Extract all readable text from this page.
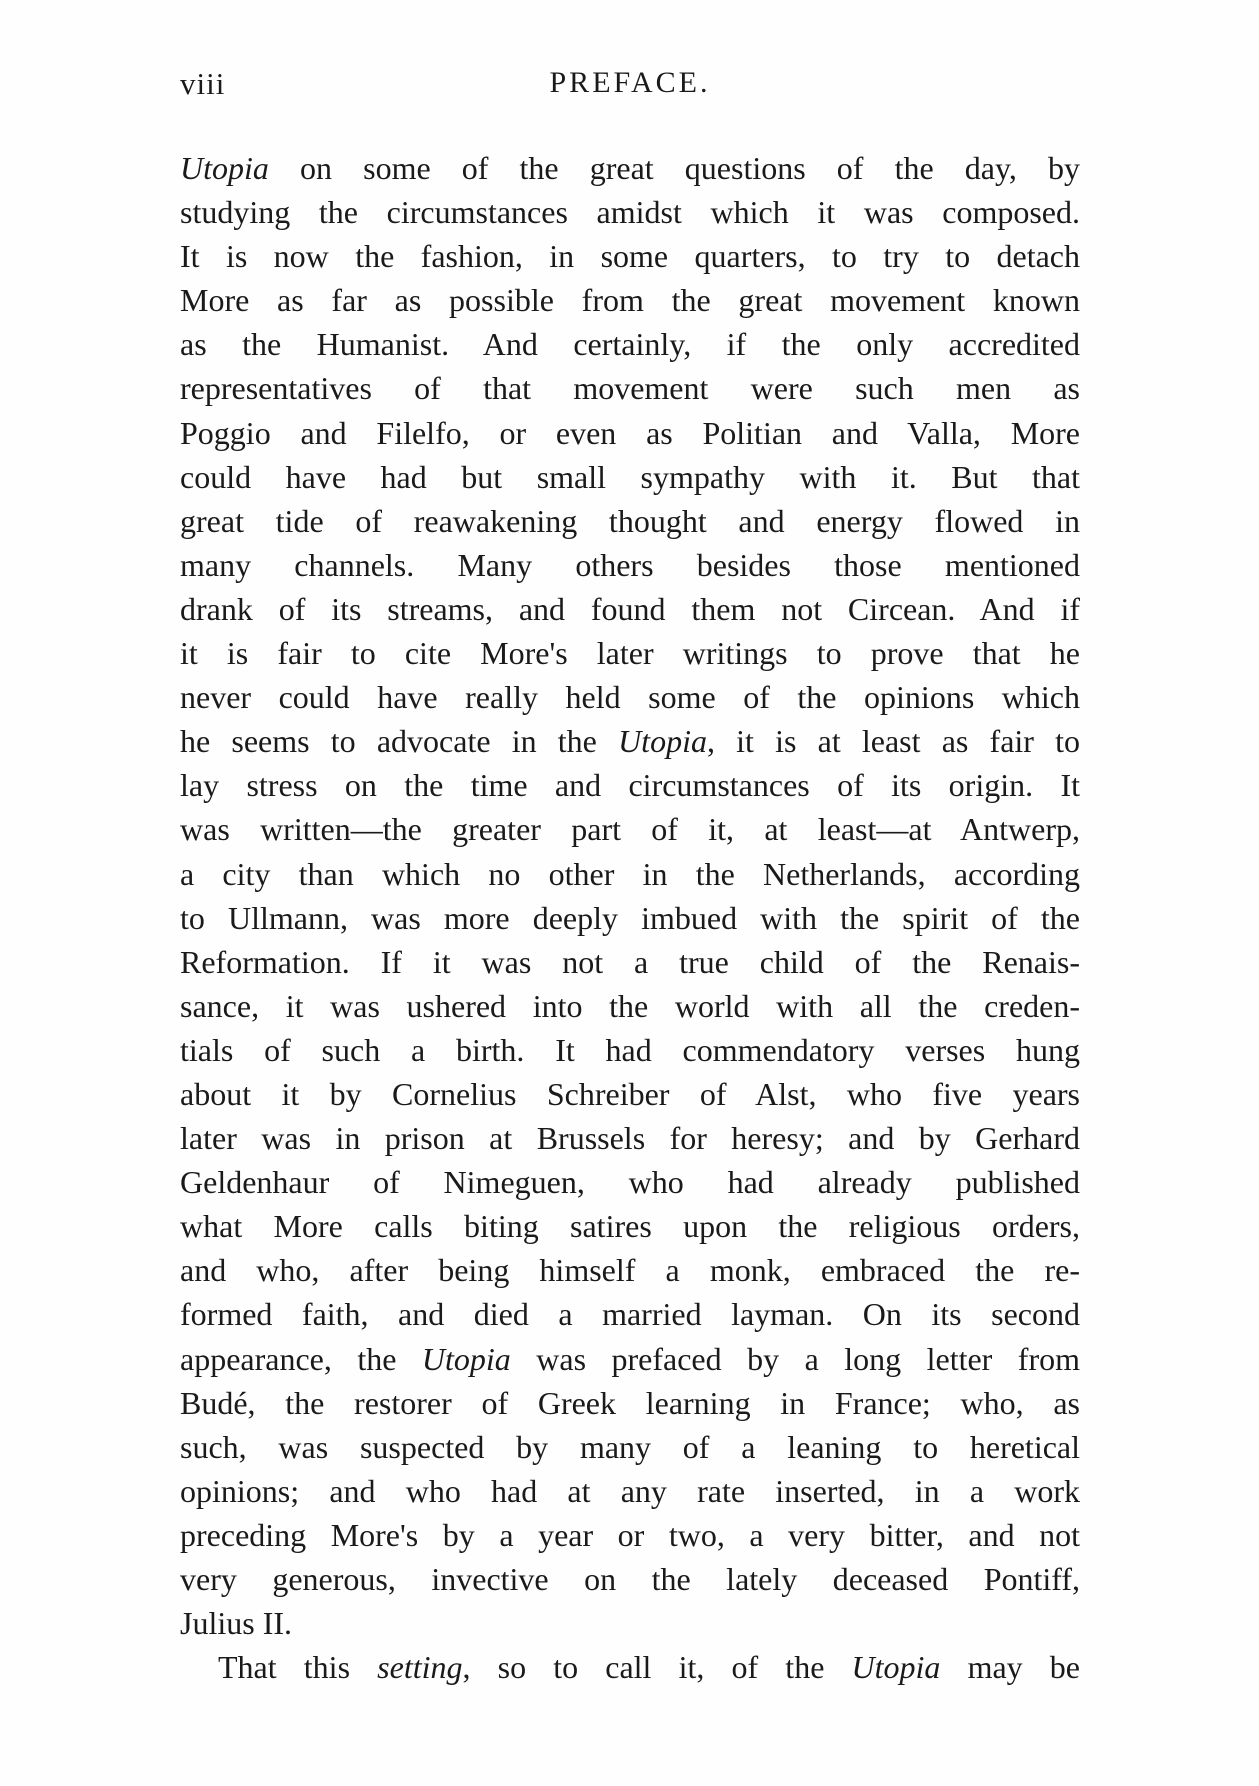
viii	PREFACE.
Utopia on some of the great questions of the day, by
studying the circumstances amidst which it was composed.
It is now the fashion, in some quarters, to try to detach
More as far as possible from the great movement known
as the Humanist. And certainly, if the only accredited
representatives of that movement were such men as
Poggio and Filelfo, or even as Politian and Valla, More
could have had but small sympathy with it. But that
great tide of reawakening thought and energy flowed in
many channels. Many others besides those mentioned
drank of its streams, and found them not Circean. And if
it is fair to cite More's later writings to prove that he
never could have really held some of the opinions which
he seems to advocate in the Utopia, it is at least as fair to
lay stress on the time and circumstances of its origin. It
was written—the greater part of it, at least—at Antwerp,
a city than which no other in the Netherlands, according
to Ullmann, was more deeply imbued with the spirit of the
Reformation. If it was not a true child of the Renais-
sance, it was ushered into the world with all the creden-
tials of such a birth. It had commendatory verses hung
about it by Cornelius Schreiber of Alst, who five years
later was in prison at Brussels for heresy; and by Gerhard
Geldenhaur of Nimeguen, who had already published
what More calls biting satires upon the religious orders,
and who, after being himself a monk, embraced the re-
formed faith, and died a married layman. On its second
appearance, the Utopia was prefaced by a long letter from
Budé, the restorer of Greek learning in France; who, as
such, was suspected by many of a leaning to heretical
opinions; and who had at any rate inserted, in a work
preceding More's by a year or two, a very bitter, and not
very generous, invective on the lately deceased Pontiff,
Julius II.
That this setting, so to call it, of the Utopia may be
